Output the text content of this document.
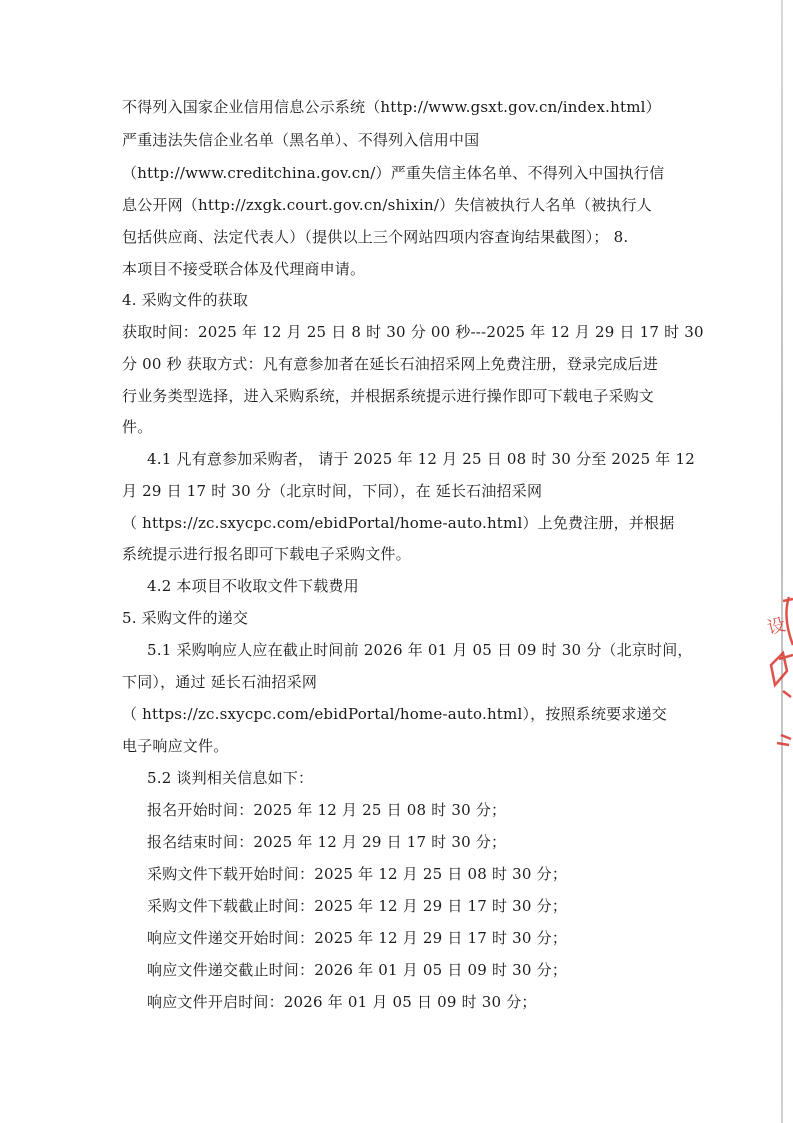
不得列入国家企业信用信息公示系统（http://www.gsxt.gov.cn/index.html）
严重违法失信企业名单（黑名单）、不得列入信用中国
（http://www.creditchina.gov.cn/）严重失信主体名单、不得列入中国执行信
息公开网（http://zxgk.court.gov.cn/shixin/）失信被执行人名单（被执行人
包括供应商、法定代表人）（提供以上三个网站四项内容查询结果截图）； 8.
本项目不接受联合体及代理商申请。
4. 采购文件的获取
获取时间：2025 年 12 月 25 日 8 时 30 分 00 秒---2025 年 12 月 29 日 17 时 30
分 00 秒 获取方式：凡有意参加者在延长石油招采网上免费注册，登录完成后进
行业务类型选择，进入采购系统，并根据系统提示进行操作即可下载电子采购文
件。
4.1 凡有意参加采购者， 请于 2025 年 12 月 25 日 08 时 30 分至 2025 年 12
月 29 日 17 时 30 分（北京时间，下同），在 延长石油招采网
（ https://zc.sxycpc.com/ebidPortal/home-auto.html）上免费注册，并根据
系统提示进行报名即可下载电子采购文件。
4.2 本项目不收取文件下载费用
5. 采购文件的递交
5.1 采购响应人应在截止时间前 2026 年 01 月 05 日 09 时 30 分（北京时间，
下同），通过 延长石油招采网
（ https://zc.sxycpc.com/ebidPortal/home-auto.html），按照系统要求递交
电子响应文件。
5.2 谈判相关信息如下：
报名开始时间：2025 年 12 月 25 日 08 时 30 分；
报名结束时间：2025 年 12 月 29 日 17 时 30 分；
采购文件下载开始时间：2025 年 12 月 25 日 08 时 30 分；
采购文件下载截止时间：2025 年 12 月 29 日 17 时 30 分；
响应文件递交开始时间：2025 年 12 月 29 日 17 时 30 分；
响应文件递交截止时间：2026 年 01 月 05 日 09 时 30 分；
响应文件开启时间：2026 年 01 月 05 日 09 时 30 分；
设
